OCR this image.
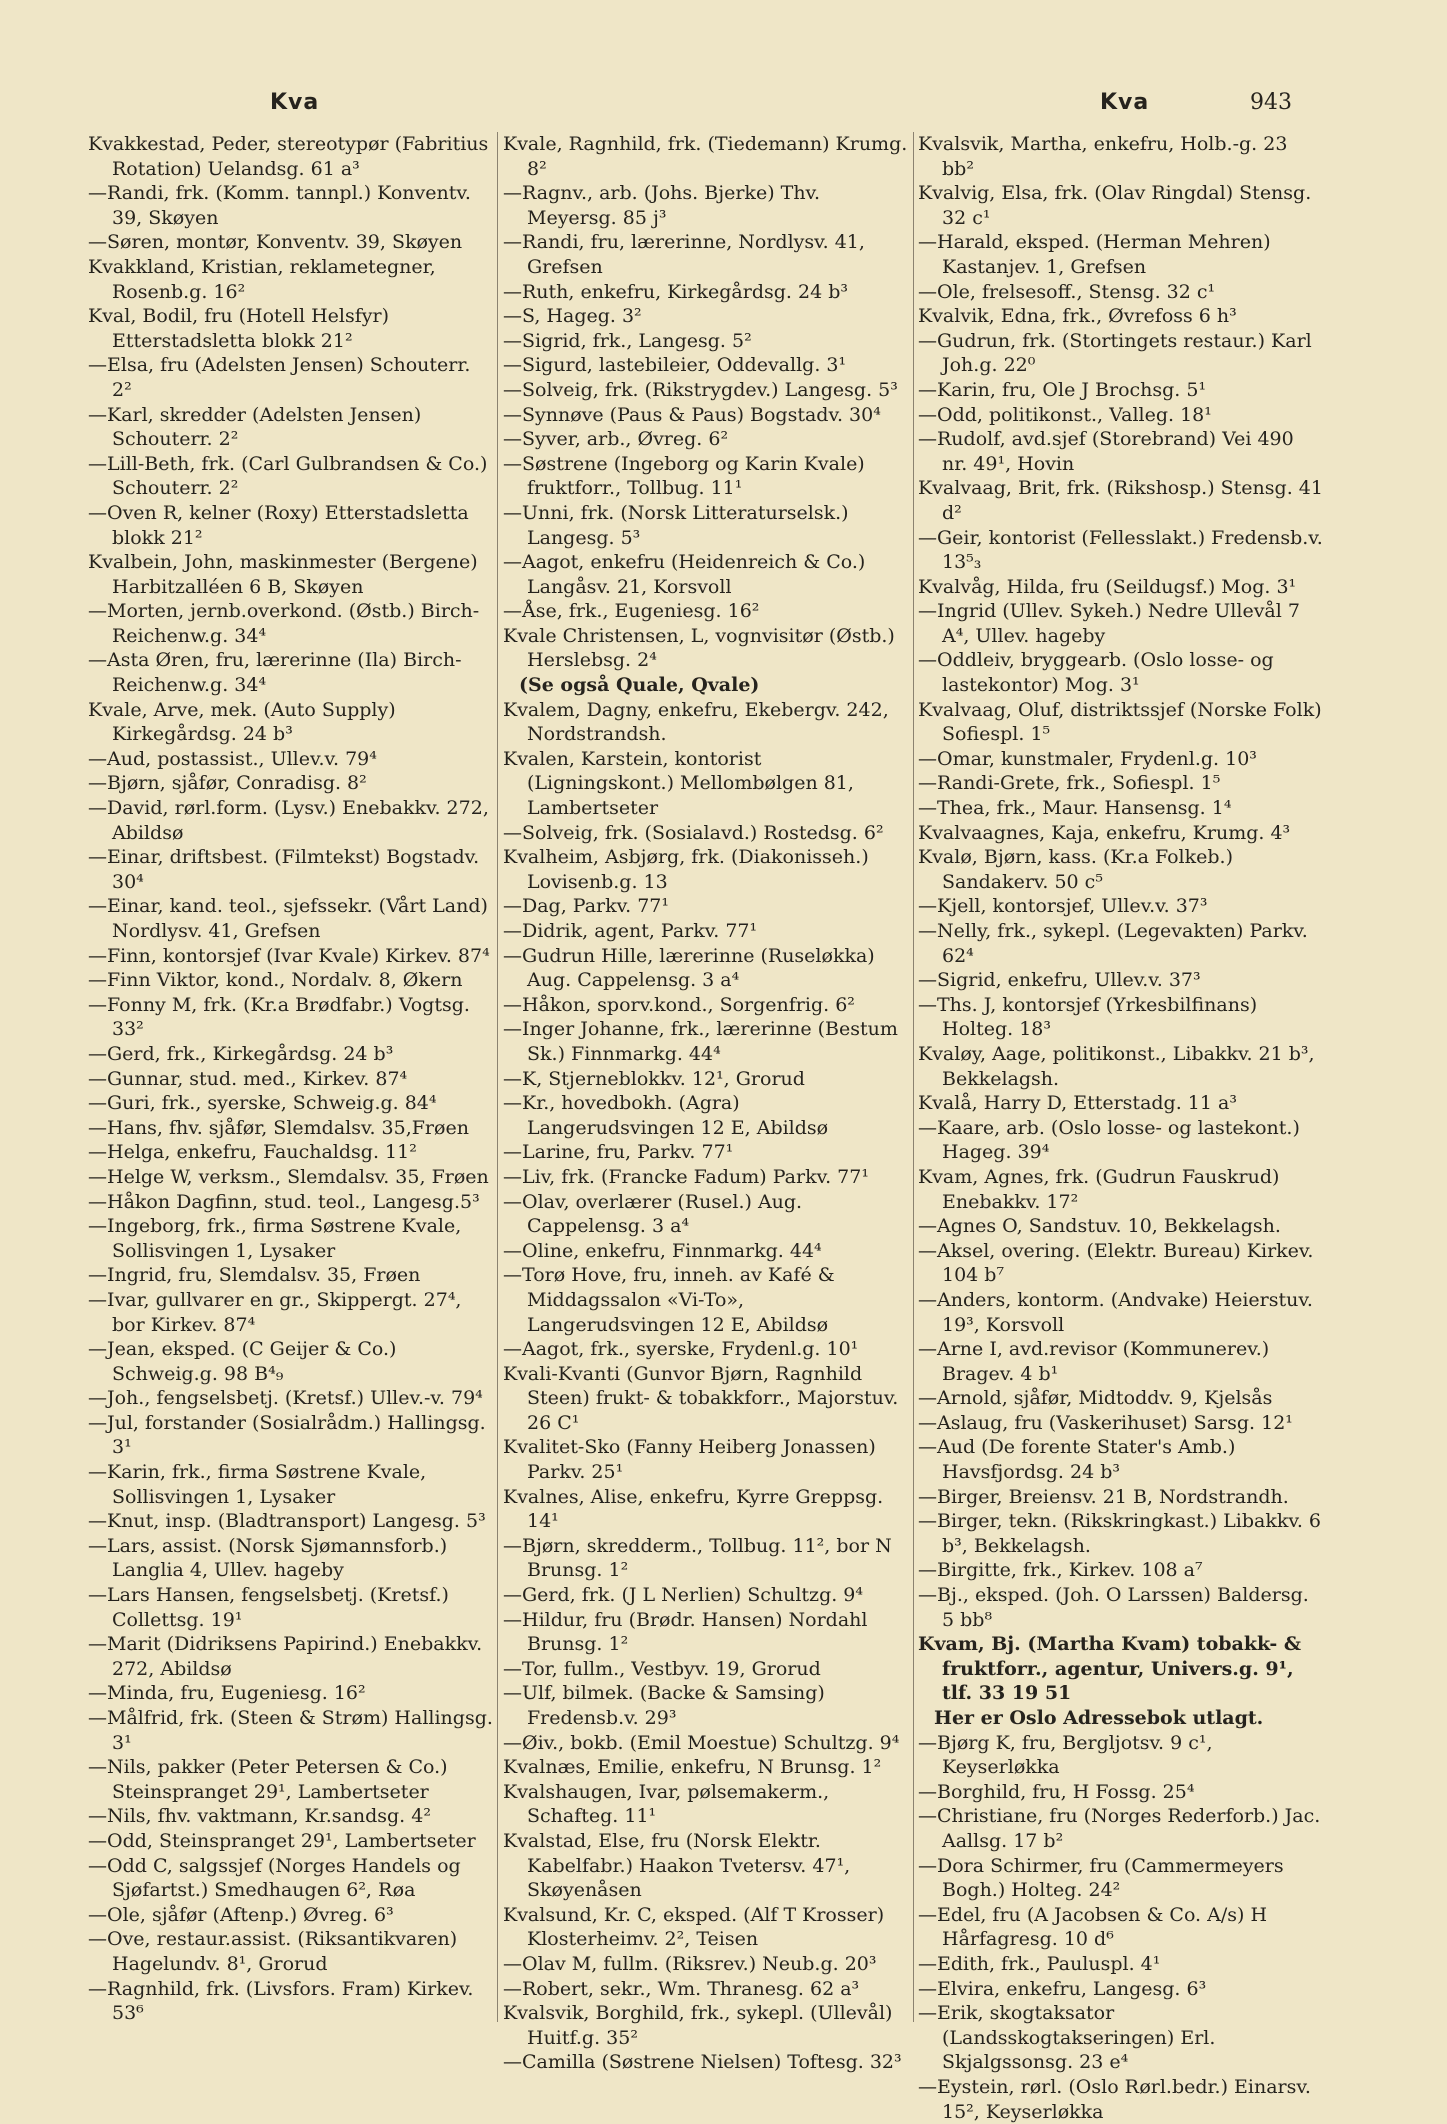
Kva	Kva	943
Kvakkestad, Peder, stereotypør (Fabritius Rotation) Uelandsg. 61 a³
—Randi, frk. (Komm. tannpl.) Konventv. 39, Skøyen
—Søren, montør, Konventv. 39, Skøyen
Kvakkland, Kristian, reklametegner, Rosenb.g. 16²
Kval, Bodil, fru (Hotell Helsfyr) Etterstadsletta blokk 21²
—Elsa, fru (Adelsten Jensen) Schouterr. 2²
—Karl, skredder (Adelsten Jensen) Schouterr. 2²
—Lill-Beth, frk. (Carl Gulbrandsen & Co.) Schouterr. 2²
—Oven R, kelner (Roxy) Etterstadsletta blokk 21²
Kvalbein, John, maskinmester (Bergene) Harbitzalléen 6 B, Skøyen
—Morten, jernb.overkond. (Østb.) Birch-Reichenw.g. 34⁴
—Asta Øren, fru, lærerinne (Ila) Birch-Reichenw.g. 34⁴
Kvale, Arve, mek. (Auto Supply) Kirkegårdsg. 24 b³
—Aud, postassist., Ullev.v. 79⁴
—Bjørn, sjåfør, Conradisg. 8²
—David, rørl.form. (Lysv.) Enebakkv. 272, Abildsø
—Einar, driftsbest. (Filmtekst) Bogstadv. 30⁴
—Einar, kand. teol., sjefssekr. (Vårt Land) Nordlysv. 41, Grefsen
—Finn, kontorsjef (Ivar Kvale) Kirkev. 87⁴
—Finn Viktor, kond., Nordalv. 8, Økern
—Fonny M, frk. (Kr.a Brødfabr.) Vogtsg. 33²
—Gerd, frk., Kirkegårdsg. 24 b³
—Gunnar, stud. med., Kirkev. 87⁴
—Guri, frk., syerske, Schweig.g. 84⁴
—Hans, fhv. sjåfør, Slemdalsv. 35,Frøen
—Helga, enkefru, Fauchaldsg. 11²
—Helge W, verksm., Slemdalsv. 35, Frøen
—Håkon Dagfinn, stud. teol., Langesg.5³
—Ingeborg, frk., firma Søstrene Kvale, Sollisvingen 1, Lysaker
—Ingrid, fru, Slemdalsv. 35, Frøen
—Ivar, gullvarer en gr., Skippergt. 27⁴, bor Kirkev. 87⁴
—Jean, eksped. (C Geijer & Co.) Schweig.g. 98 B⁴₉
—Joh., fengselsbetj. (Kretsf.) Ullev.-v. 79⁴
—Jul, forstander (Sosialrådm.) Hallingsg. 3¹
—Karin, frk., firma Søstrene Kvale, Sollisvingen 1, Lysaker
—Knut, insp. (Bladtransport) Langesg. 5³
—Lars, assist. (Norsk Sjømannsforb.) Langlia 4, Ullev. hageby
—Lars Hansen, fengselsbetj. (Kretsf.) Collettsg. 19¹
—Marit (Didriksens Papirind.) Enebakkv. 272, Abildsø
—Minda, fru, Eugeniesg. 16²
—Målfrid, frk. (Steen & Strøm) Hallingsg. 3¹
—Nils, pakker (Peter Petersen & Co.) Steinspranget 29¹, Lambertseter
—Nils, fhv. vaktmann, Kr.sandsg. 4²
—Odd, Steinspranget 29¹, Lambertseter
—Odd C, salgssjef (Norges Handels og Sjøfartst.) Smedhaugen 6², Røa
—Ole, sjåfør (Aftenp.) Øvreg. 6³
—Ove, restaur.assist. (Riksantikvaren) Hagelundv. 8¹, Grorud
—Ragnhild, frk. (Livsfors. Fram) Kirkev. 53⁶
Kvale, Ragnhild, frk. (Tiedemann) Krumg. 8²
—Ragnv., arb. (Johs. Bjerke) Thv. Meyersg. 85 j³
—Randi, fru, lærerinne, Nordlysv. 41, Grefsen
—Ruth, enkefru, Kirkegårdsg. 24 b³
—S, Hageg. 3²
—Sigrid, frk., Langesg. 5²
—Sigurd, lastebileier, Oddevallg. 3¹
—Solveig, frk. (Rikstrygdev.) Langesg. 5³
—Synnøve (Paus & Paus) Bogstadv. 30⁴
—Syver, arb., Øvreg. 6²
—Søstrene (Ingeborg og Karin Kvale) fruktforr., Tollbug. 11¹
—Unni, frk. (Norsk Litteraturselsk.) Langesg. 5³
—Aagot, enkefru (Heidenreich & Co.) Langåsv. 21, Korsvoll
—Åse, frk., Eugeniesg. 16²
Kvale Christensen, L, vognvisitør (Østb.) Herslebsg. 2⁴
(Se også Quale, Qvale)
Kvalem, Dagny, enkefru, Ekebergv. 242, Nordstrandsh.
Kvalen, Karstein, kontorist (Ligningskont.) Mellombølgen 81, Lambertseter
—Solveig, frk. (Sosialavd.) Rostedsg. 6²
Kvalheim, Asbjørg, frk. (Diakonisseh.) Lovisenb.g. 13
—Dag, Parkv. 77¹
—Didrik, agent, Parkv. 77¹
—Gudrun Hille, lærerinne (Ruseløkka) Aug. Cappelensg. 3 a⁴
—Håkon, sporv.kond., Sorgenfrig. 6²
—Inger Johanne, frk., lærerinne (Bestum Sk.) Finnmarkg. 44⁴
—K, Stjerneblokkv. 12¹, Grorud
—Kr., hovedbokh. (Agra) Langerudsvingen 12 E, Abildsø
—Larine, fru, Parkv. 77¹
—Liv, frk. (Francke Fadum) Parkv. 77¹
—Olav, overlærer (Rusel.) Aug. Cappelensg. 3 a⁴
—Oline, enkefru, Finnmarkg. 44⁴
—Torø Hove, fru, inneh. av Kafé & Middagssalon «Vi-To», Langerudsvingen 12 E, Abildsø
—Aagot, frk., syerske, Frydenl.g. 10¹
Kvali-Kvanti (Gunvor Bjørn, Ragnhild Steen) frukt- & tobakkforr., Majorstuv. 26 C¹
Kvalitet-Sko (Fanny Heiberg Jonassen) Parkv. 25¹
Kvalnes, Alise, enkefru, Kyrre Greppsg. 14¹
—Bjørn, skredderm., Tollbug. 11², bor N Brunsg. 1²
—Gerd, frk. (J L Nerlien) Schultzg. 9⁴
—Hildur, fru (Brødr. Hansen) Nordahl Brunsg. 1²
—Tor, fullm., Vestbyv. 19, Grorud
—Ulf, bilmek. (Backe & Samsing) Fredensb.v. 29³
—Øiv., bokb. (Emil Moestue) Schultzg. 9⁴
Kvalnæs, Emilie, enkefru, N Brunsg. 1²
Kvalshaugen, Ivar, pølsemakerm., Schafteg. 11¹
Kvalstad, Else, fru (Norsk Elektr. Kabelfabr.) Haakon Tvetersv. 47¹, Skøyenåsen
Kvalsund, Kr. C, eksped. (Alf T Krosser) Klosterheimv. 2², Teisen
—Olav M, fullm. (Riksrev.) Neub.g. 20³
—Robert, sekr., Wm. Thranesg. 62 a³
Kvalsvik, Borghild, frk., sykepl. (Ullevål) Huitf.g. 35²
—Camilla (Søstrene Nielsen) Toftesg. 32³
Kvalsvik, Martha, enkefru, Holb.-g. 23 bb²
Kvalvig, Elsa, frk. (Olav Ringdal) Stensg. 32 c¹
—Harald, eksped. (Herman Mehren) Kastanjev. 1, Grefsen
—Ole, frelsesoff., Stensg. 32 c¹
Kvalvik, Edna, frk., Øvrefoss 6 h³
—Gudrun, frk. (Stortingets restaur.) Karl Joh.g. 22⁰
—Karin, fru, Ole J Brochsg. 5¹
—Odd, politikonst., Valleg. 18¹
—Rudolf, avd.sjef (Storebrand) Vei 490 nr. 49¹, Hovin
Kvalvaag, Brit, frk. (Rikshosp.) Stensg. 41 d²
—Geir, kontorist (Fellesslakt.) Fredensb.v. 13⁵₃
Kvalvåg, Hilda, fru (Seildugsf.) Mog. 3¹
—Ingrid (Ullev. Sykeh.) Nedre Ullevål 7 A⁴, Ullev. hageby
—Oddleiv, bryggearb. (Oslo losse- og lastekontor) Mog. 3¹
Kvalvaag, Oluf, distriktssjef (Norske Folk) Sofiespl. 1⁵
—Omar, kunstmaler, Frydenl.g. 10³
—Randi-Grete, frk., Sofiespl. 1⁵
—Thea, frk., Maur. Hansensg. 1⁴
Kvalvaagnes, Kaja, enkefru, Krumg. 4³
Kvalø, Bjørn, kass. (Kr.a Folkeb.) Sandakerv. 50 c⁵
—Kjell, kontorsjef, Ullev.v. 37³
—Nelly, frk., sykepl. (Legevakten) Parkv. 62⁴
—Sigrid, enkefru, Ullev.v. 37³
—Ths. J, kontorsjef (Yrkesbilfinans) Holteg. 18³
Kvaløy, Aage, politikonst., Libakkv. 21 b³, Bekkelagsh.
Kvalå, Harry D, Etterstadg. 11 a³
—Kaare, arb. (Oslo losse- og lastekont.) Hageg. 39⁴
Kvam, Agnes, frk. (Gudrun Fauskrud) Enebakkv. 17²
—Agnes O, Sandstuv. 10, Bekkelagsh.
—Aksel, overing. (Elektr. Bureau) Kirkev. 104 b⁷
—Anders, kontorm. (Andvake) Heierstuv. 19³, Korsvoll
—Arne I, avd.revisor (Kommunerev.) Bragev. 4 b¹
—Arnold, sjåfør, Midtoddv. 9, Kjelsås
—Aslaug, fru (Vaskerihuset) Sarsg. 12¹
—Aud (De forente Stater's Amb.) Havsfjordsg. 24 b³
—Birger, Breiensv. 21 B, Nordstrandh.
—Birger, tekn. (Rikskringkast.) Libakkv. 6 b³, Bekkelagsh.
—Birgitte, frk., Kirkev. 108 a⁷
—Bj., eksped. (Joh. O Larssen) Baldersg. 5 bb⁸
Kvam, Bj. (Martha Kvam) tobakk- & fruktforr., agentur, Univers.g. 9¹, tlf. 33 19 51
Her er Oslo Adressebok utlagt.
—Bjørg K, fru, Bergljotsv. 9 c¹, Keyserløkka
—Borghild, fru, H Fossg. 25⁴
—Christiane, fru (Norges Rederforb.) Jac. Aallsg. 17 b²
—Dora Schirmer, fru (Cammermeyers Bogh.) Holteg. 24²
—Edel, fru (A Jacobsen & Co. A/s) H Hårfagresg. 10 d⁶
—Edith, frk., Pauluspl. 4¹
—Elvira, enkefru, Langesg. 6³
—Erik, skogtaksator (Landsskogtakseringen) Erl. Skjalgssonsg. 23 e⁴
—Eystein, rørl. (Oslo Rørl.bedr.) Einarsv. 15², Keyserløkka
